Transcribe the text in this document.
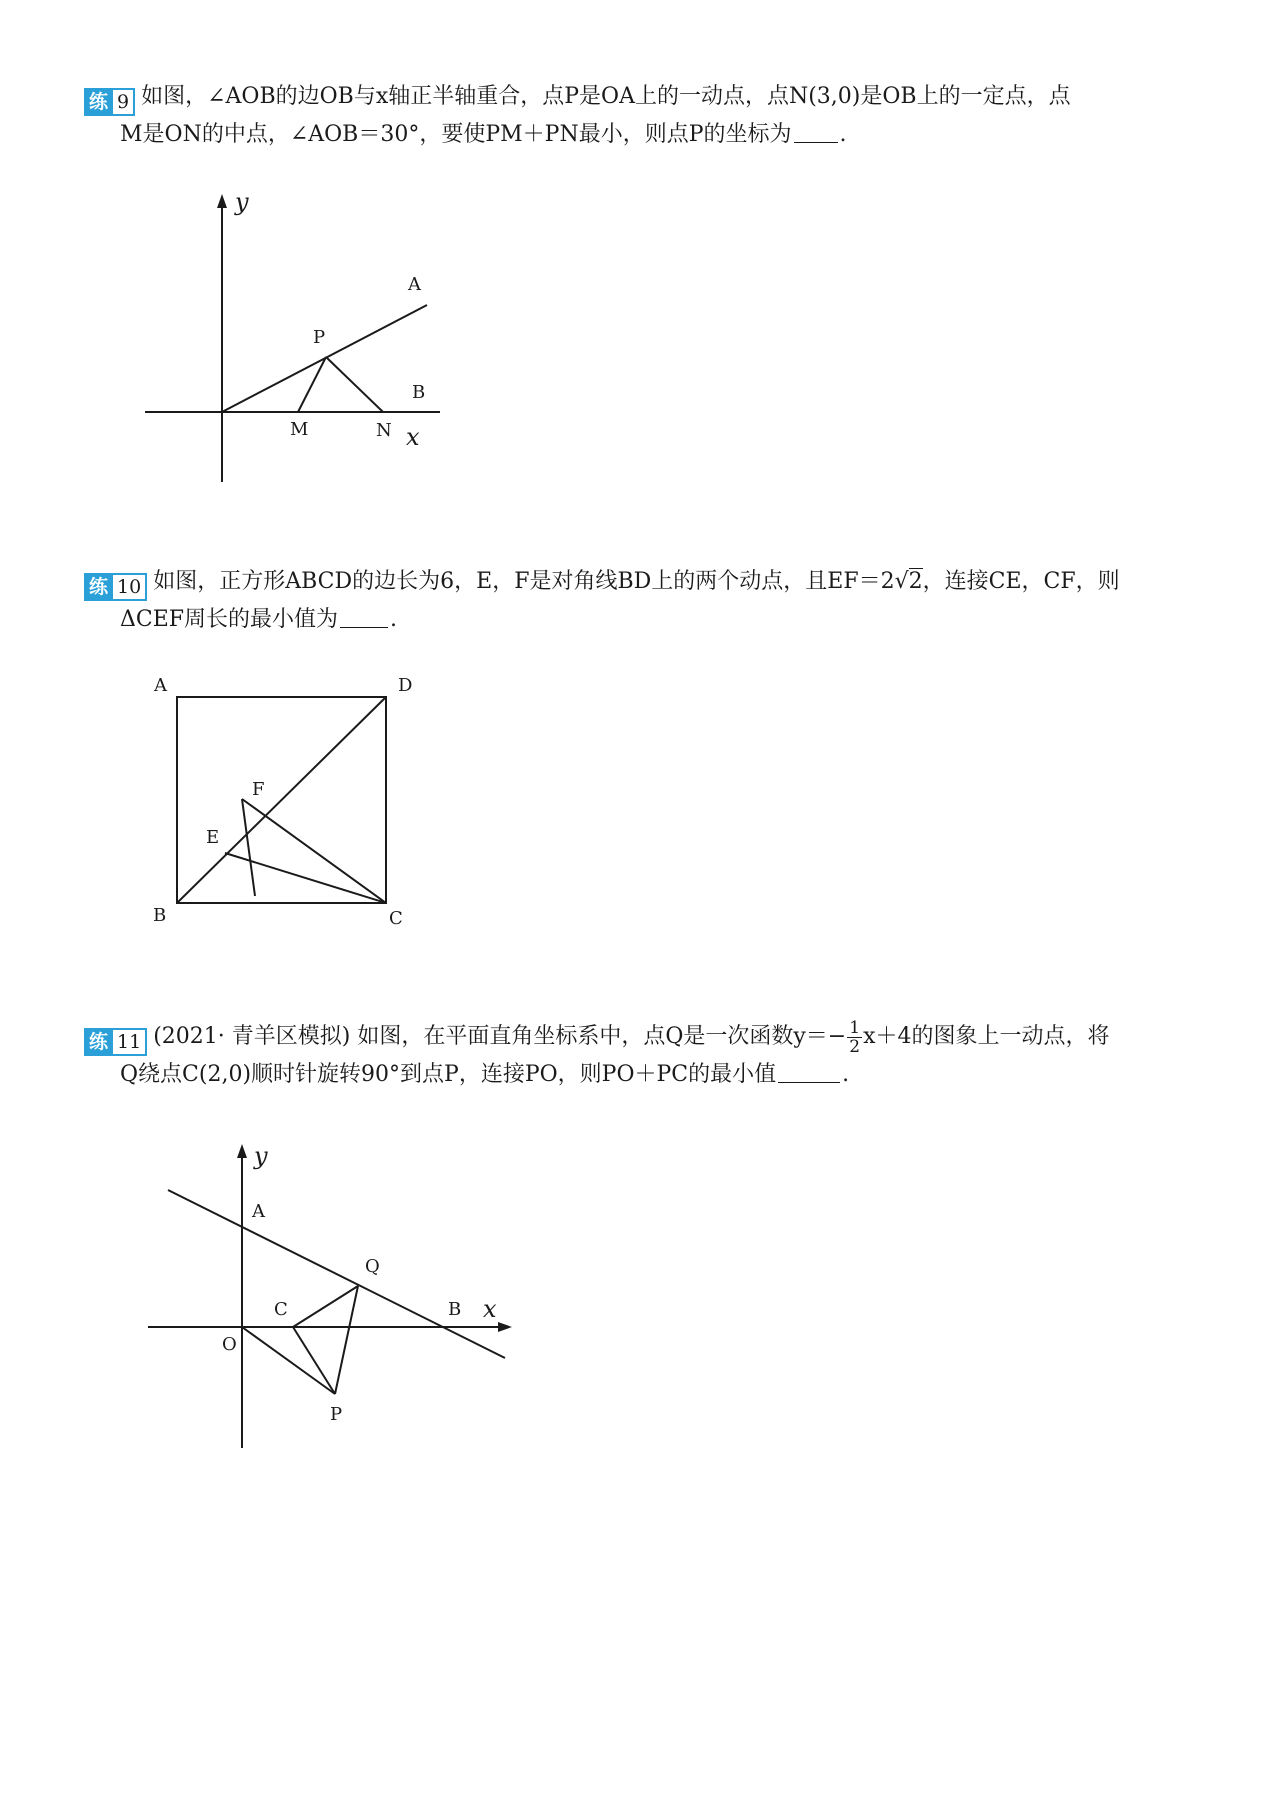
练 9 如图，∠AOB的边OB与x轴正半轴重合，点P是OA上的一动点，点N(3,0)是OB上的一定点，点
M是ON的中点，∠AOB＝30°，要使PM＋PN最小，则点P的坐标为 .
y
x
A
P
B
M	N
练 10 如图，正方形ABCD的边长为6，E，F是对角线BD上的两个动点，且EF＝2√2，连接CE，CF，则
ΔCEF周长的最小值为 .
A	D
F
E
B	C
练 11 (2021· 青羊区模拟) 如图，在平面直角坐标系中，点Q是一次函数$y=- \frac{1}{2} x+4$的图象上一动点，将
Q绕点C(2,0)顺时针旋转90°到点P，连接PO，则PO＋PC的最小值	.
y
A
Q
C	B x
O
P
